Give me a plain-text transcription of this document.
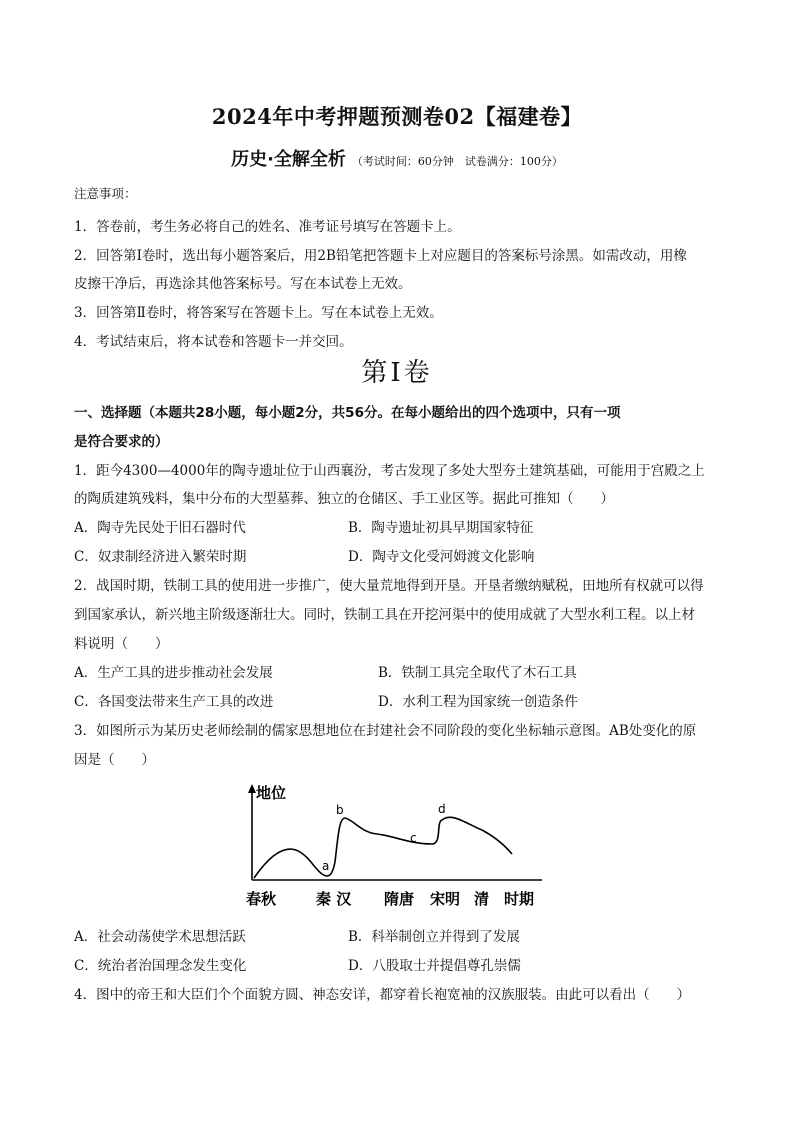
2024年中考押题预测卷02【福建卷】
历史·全解全析 （考试时间：60分钟　试卷满分：100分）
注意事项：
1．答卷前，考生务必将自己的姓名、准考证号填写在答题卡上。
2．回答第Ⅰ卷时，选出每小题答案后，用2B铅笔把答题卡上对应题目的答案标号涂黑。如需改动，用橡
皮擦干净后，再选涂其他答案标号。写在本试卷上无效。
3．回答第Ⅱ卷时，将答案写在答题卡上。写在本试卷上无效。
4．考试结束后，将本试卷和答题卡一并交回。
第Ⅰ卷
一、选择题（本题共28小题，每小题2分，共56分。在每小题给出的四个选项中，只有一项
是符合要求的）
1．距今4300—4000年的陶寺遗址位于山西襄汾，考古发现了多处大型夯土建筑基础，可能用于宫殿之上
的陶质建筑残料，集中分布的大型墓葬、独立的仓储区、手工业区等。据此可推知（　　）
A．陶寺先民处于旧石器时代	B．陶寺遗址初具早期国家特征
C．奴隶制经济进入繁荣时期	D．陶寺文化受河姆渡文化影响
2．战国时期，铁制工具的使用进一步推广，使大量荒地得到开垦。开垦者缴纳赋税，田地所有权就可以得
到国家承认，新兴地主阶级逐渐壮大。同时，铁制工具在开挖河渠中的使用成就了大型水利工程。以上材
料说明（　　）
A．生产工具的进步推动社会发展	B．铁制工具完全取代了木石工具
C．各国变法带来生产工具的改进	D．水利工程为国家统一创造条件
3．如图所示为某历史老师绘制的儒家思想地位在封建社会不同阶段的变化坐标轴示意图。AB处变化的原
因是（　　）
地位
a
b
c
d
春秋	秦 汉 隋唐 宋明 清 时期
A．社会动荡使学术思想活跃	B．科举制创立并得到了发展
C．统治者治国理念发生变化	D．八股取士并提倡尊孔崇儒
4．图中的帝王和大臣们个个面貌方圆、神态安详，都穿着长袍宽袖的汉族服装。由此可以看出（　　）
